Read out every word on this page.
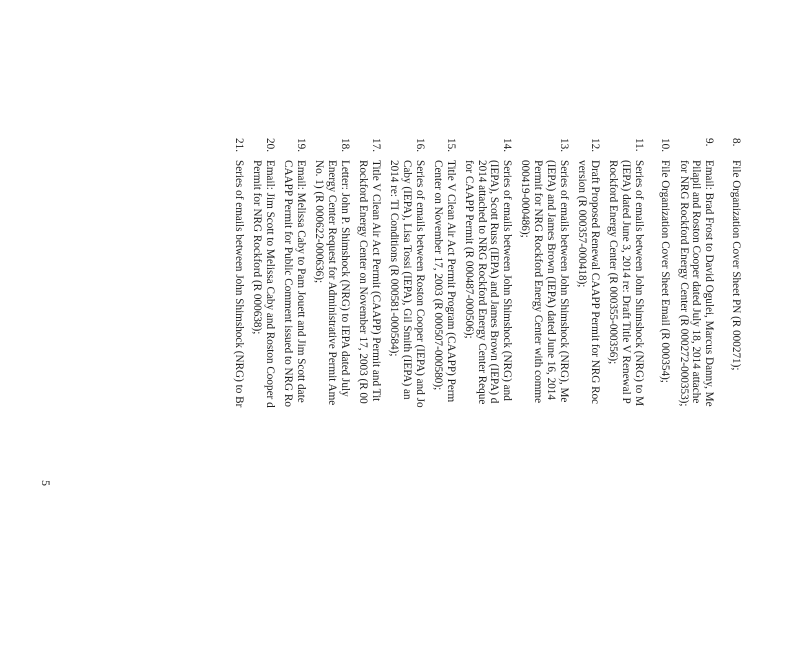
8.
File Organization Cover Sheet PN (R 000271);
9.
Email: Brad Frost to David Ogulei, Marcus Danny, Me
Pilapil and Roston Cooper dated July 18, 2014 attache
for NRG Rockford Energy Center (R 000272-000353);
10.
File Organization Cover Sheet Email (R 000354);
11.
Series of emails between John Shimshock (NRG) to M
(IEPA) dated June 3, 2014 re: Draft Title V Renewal P
Rockford Energy Center (R 000355-000356);
12.
Draft Proposed Renewal CAAPP Permit for NRG Roc
version (R 000357-000418);
13.
Series of emails between John Shimshock (NRG), Me
(IEPA) and James Brown (IEPA) dated June 16, 2014
Permit for NRG Rockford Energy Center with comme
000419-000486);
14.
Series of emails between John Shimshock (NRG) and
(IEPA), Scott Russ (IEPA) and James Brown (IEPA) d
2014 attached to NRG Rockford Energy Center Reque
for CAAPP Permit (R 000487-000506);
15.
Title V Clean Air Act Permit Program (CAAPP) Perm
Center on November 17, 2003 (R 000507-000580);
16.
Series of emails between Roston Cooper (IEPA) and Jo
Caby (IEPA), Lisa Tossi (IEPA), Gil Smith (IEPA) an
2014 re: TI Conditions (R 000581-000584);
17.
Title V Clean Air Act Permit (CAAPP) Permit and Tit
Rockford Energy Center on November 17, 2003 (R 00
18.
Letter: John P. Shimshock (NRG) to IEPA dated July
Energy Center Request for Administrative Permit Ame
No. 1) (R 000622-000636);
19.
Email: Melissa Caby to Pam Jouett and Jim Scott date
CAAPP Permit for Public Comment issued to NRG Ro
20.
Email: Jim Scott to Melissa Caby and Roston Cooper d
Permit for NRG Rockford (R 000638);
21.
Series of emails between John Shimshock (NRG) to Br
5
